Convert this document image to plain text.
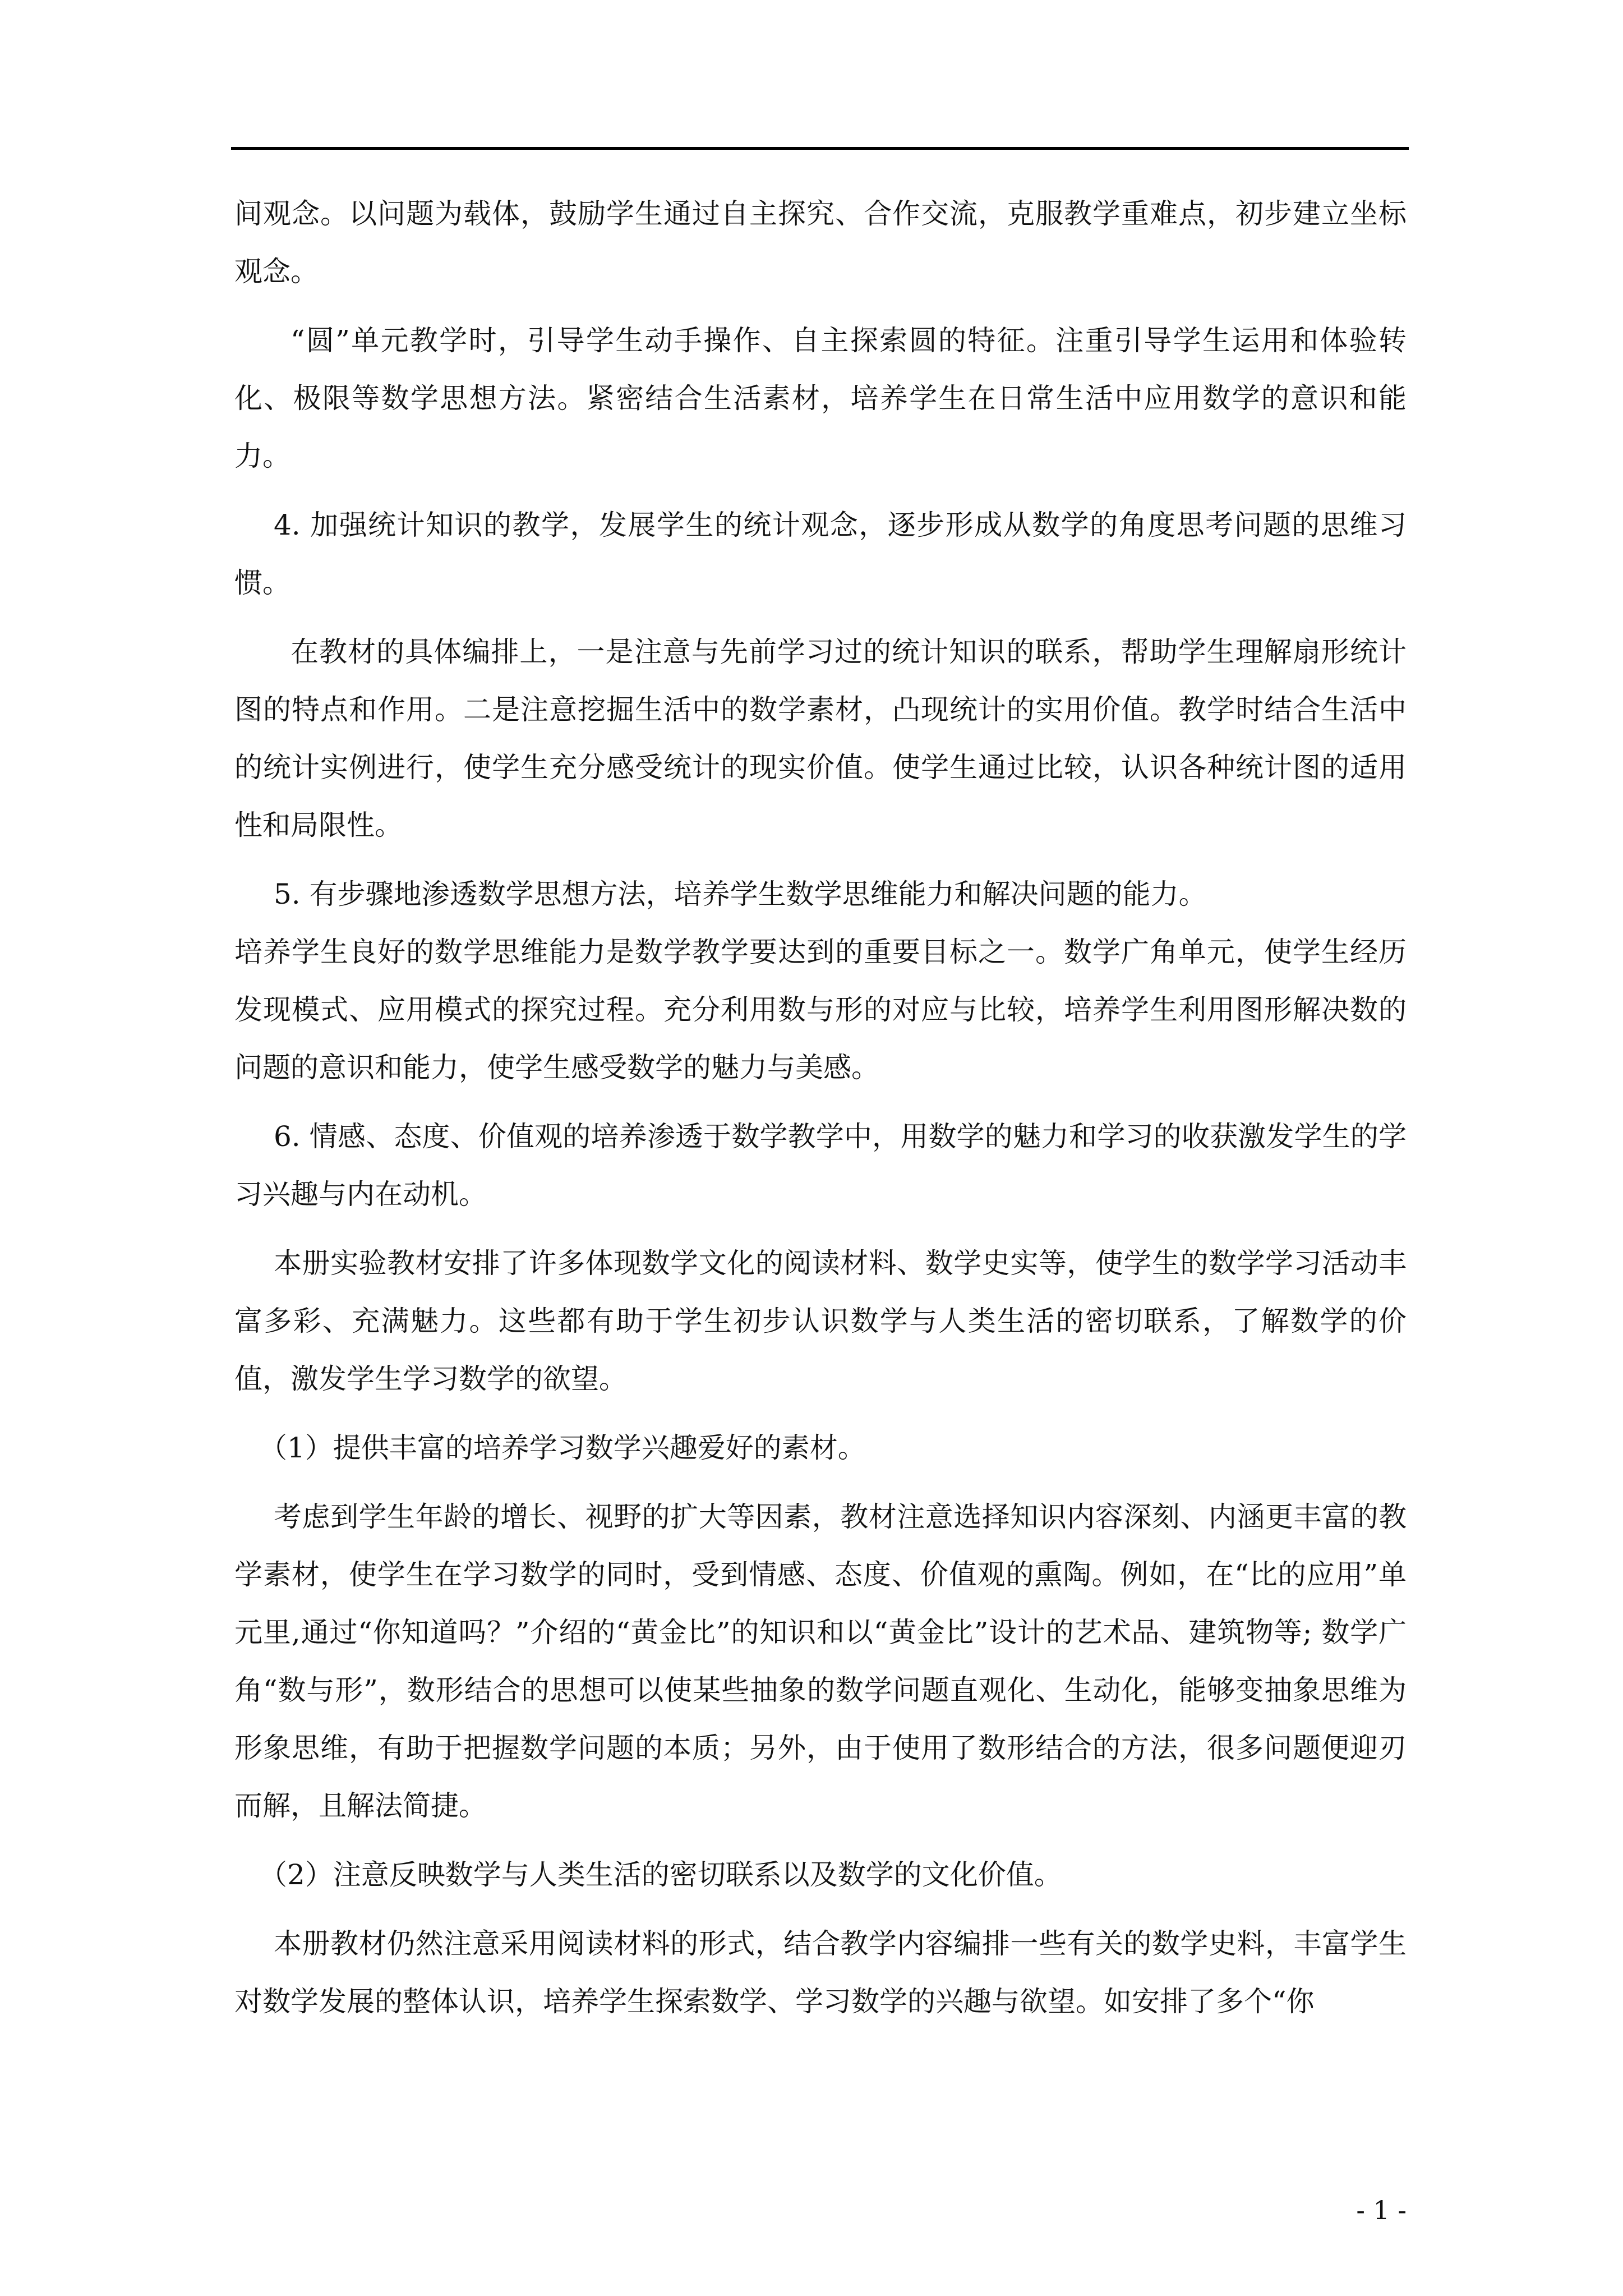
间观念。以问题为载体，鼓励学生通过自主探究、合作交流，克服教学重难点，初步建立坐标观念。

“圆”单元教学时，引导学生动手操作、自主探索圆的特征。注重引导学生运用和体验转化、极限等数学思想方法。紧密结合生活素材，培养学生在日常生活中应用数学的意识和能力。

4. 加强统计知识的教学，发展学生的统计观念，逐步形成从数学的角度思考问题的思维习惯。

在教材的具体编排上，一是注意与先前学习过的统计知识的联系，帮助学生理解扇形统计图的特点和作用。二是注意挖掘生活中的数学素材，凸现统计的实用价值。教学时结合生活中的统计实例进行，使学生充分感受统计的现实价值。使学生通过比较，认识各种统计图的适用性和局限性。

5. 有步骤地渗透数学思想方法，培养学生数学思维能力和解决问题的能力。

培养学生良好的数学思维能力是数学教学要达到的重要目标之一。数学广角单元，使学生经历发现模式、应用模式的探究过程。充分利用数与形的对应与比较，培养学生利用图形解决数的问题的意识和能力，使学生感受数学的魅力与美感。

6. 情感、态度、价值观的培养渗透于数学教学中，用数学的魅力和学习的收获激发学生的学习兴趣与内在动机。

本册实验教材安排了许多体现数学文化的阅读材料、数学史实等，使学生的数学学习活动丰富多彩、充满魅力。这些都有助于学生初步认识数学与人类生活的密切联系，了解数学的价值，激发学生学习数学的欲望。

（1）提供丰富的培养学习数学兴趣爱好的素材。

考虑到学生年龄的增长、视野的扩大等因素，教材注意选择知识内容深刻、内涵更丰富的教学素材，使学生在学习数学的同时，受到情感、态度、价值观的熏陶。例如，在“比的应用”单元里,通过“你知道吗？”介绍的“黄金比”的知识和以“黄金比”设计的艺术品、建筑物等; 数学广角“数与形”，数形结合的思想可以使某些抽象的数学问题直观化、生动化，能够变抽象思维为形象思维，有助于把握数学问题的本质；另外，由于使用了数形结合的方法，很多问题便迎刃而解，且解法简捷。

（2）注意反映数学与人类生活的密切联系以及数学的文化价值。

本册教材仍然注意采用阅读材料的形式，结合教学内容编排一些有关的数学史料，丰富学生对数学发展的整体认识，培养学生探索数学、学习数学的兴趣与欲望。如安排了多个“你

- 1 -
